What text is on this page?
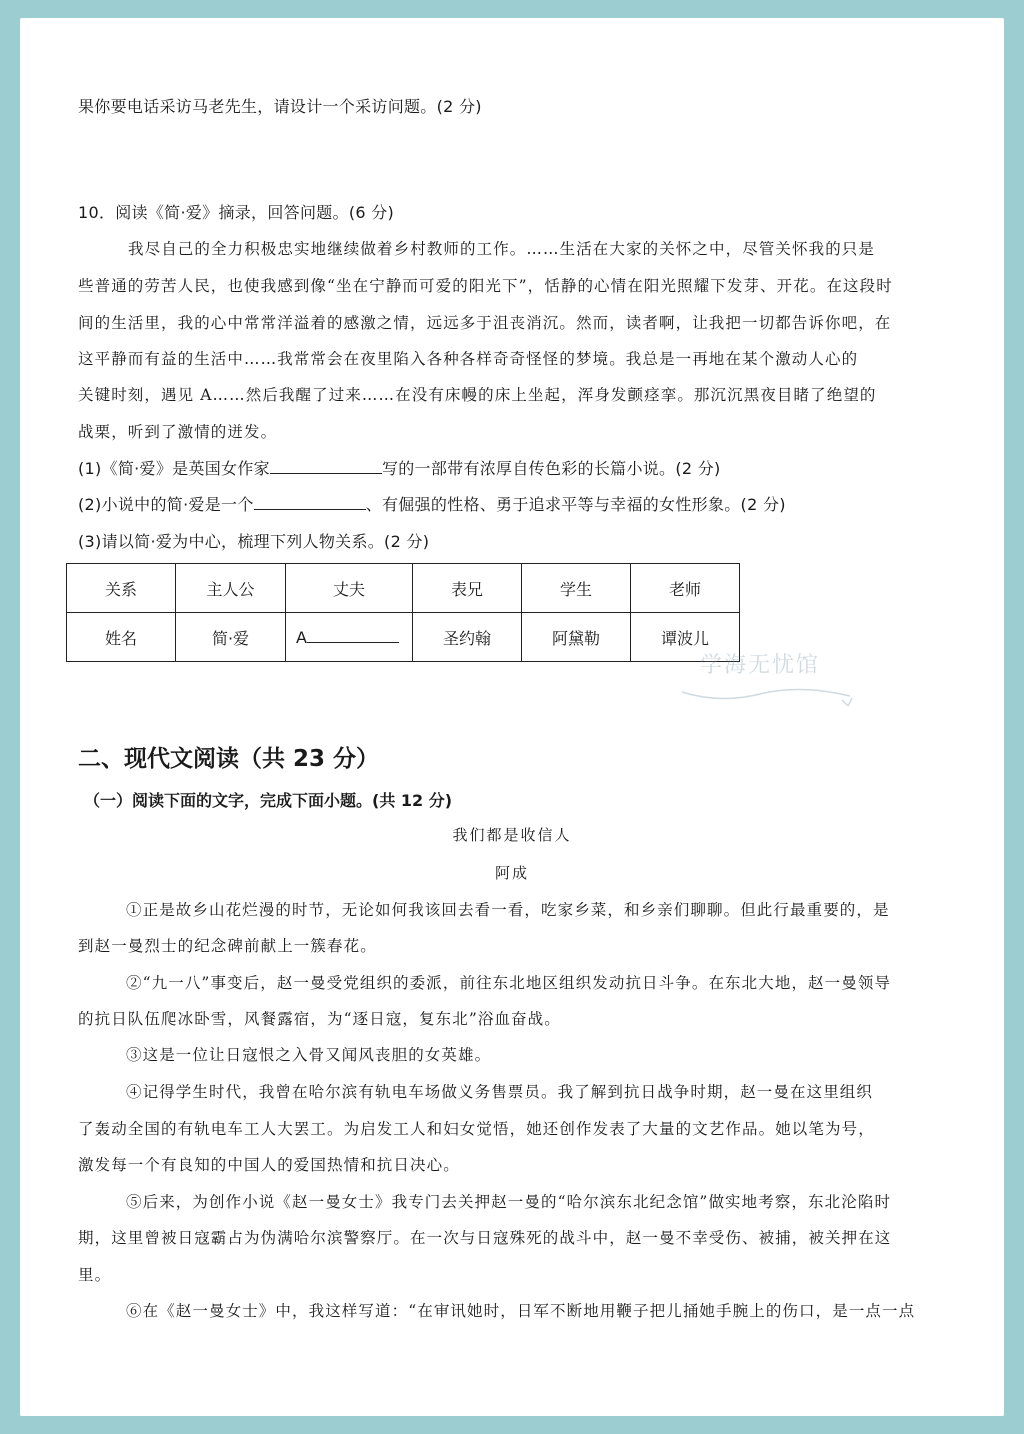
果你要电话采访马老先生，请设计一个采访问题。(2 分)
10．阅读《简·爱》摘录，回答问题。(6 分)
我尽自己的全力积极忠实地继续做着乡村教师的工作。……生活在大家的关怀之中，尽管关怀我的只是
些普通的劳苦人民，也使我感到像“坐在宁静而可爱的阳光下”，恬静的心情在阳光照耀下发芽、开花。在这段时
间的生活里，我的心中常常洋溢着的感激之情，远远多于沮丧消沉。然而，读者啊，让我把一切都告诉你吧，在
这平静而有益的生活中……我常常会在夜里陷入各种各样奇奇怪怪的梦境。我总是一再地在某个激动人心的
关键时刻，遇见 A……然后我醒了过来……在没有床幔的床上坐起，浑身发颤痉挛。那沉沉黑夜目睹了绝望的
战栗，听到了激情的迸发。
(1)《简·爱》是英国女作家	写的一部带有浓厚自传色彩的长篇小说。(2 分)
(2)小说中的简·爱是一个	、有倔强的性格、勇于追求平等与幸福的女性形象。(2 分)
(3)请以简·爱为中心，梳理下列人物关系。(2 分)
关系	主人公	丈夫	表兄	学生	老师
姓名	简·爱	A	圣约翰	阿黛勒	谭波儿
学海无忧馆
二、现代文阅读（共 23 分）
（一）阅读下面的文字，完成下面小题。(共 12 分)
我们都是收信人
阿成
①正是故乡山花烂漫的时节，无论如何我该回去看一看，吃家乡菜，和乡亲们聊聊。但此行最重要的，是
到赵一曼烈士的纪念碑前献上一簇春花。
②“九一八”事变后，赵一曼受党组织的委派，前往东北地区组织发动抗日斗争。在东北大地，赵一曼领导
的抗日队伍爬冰卧雪，风餐露宿，为“逐日寇，复东北”浴血奋战。
③这是一位让日寇恨之入骨又闻风丧胆的女英雄。
④记得学生时代，我曾在哈尔滨有轨电车场做义务售票员。我了解到抗日战争时期，赵一曼在这里组织
了轰动全国的有轨电车工人大罢工。为启发工人和妇女觉悟，她还创作发表了大量的文艺作品。她以笔为号，
激发每一个有良知的中国人的爱国热情和抗日决心。
⑤后来，为创作小说《赵一曼女士》我专门去关押赵一曼的“哈尔滨东北纪念馆”做实地考察，东北沦陷时
期，这里曾被日寇霸占为伪满哈尔滨警察厅。在一次与日寇殊死的战斗中，赵一曼不幸受伤、被捕，被关押在这
里。
⑥在《赵一曼女士》中，我这样写道：“在审讯她时，日军不断地用鞭子把儿捅她手腕上的伤口，是一点一点
